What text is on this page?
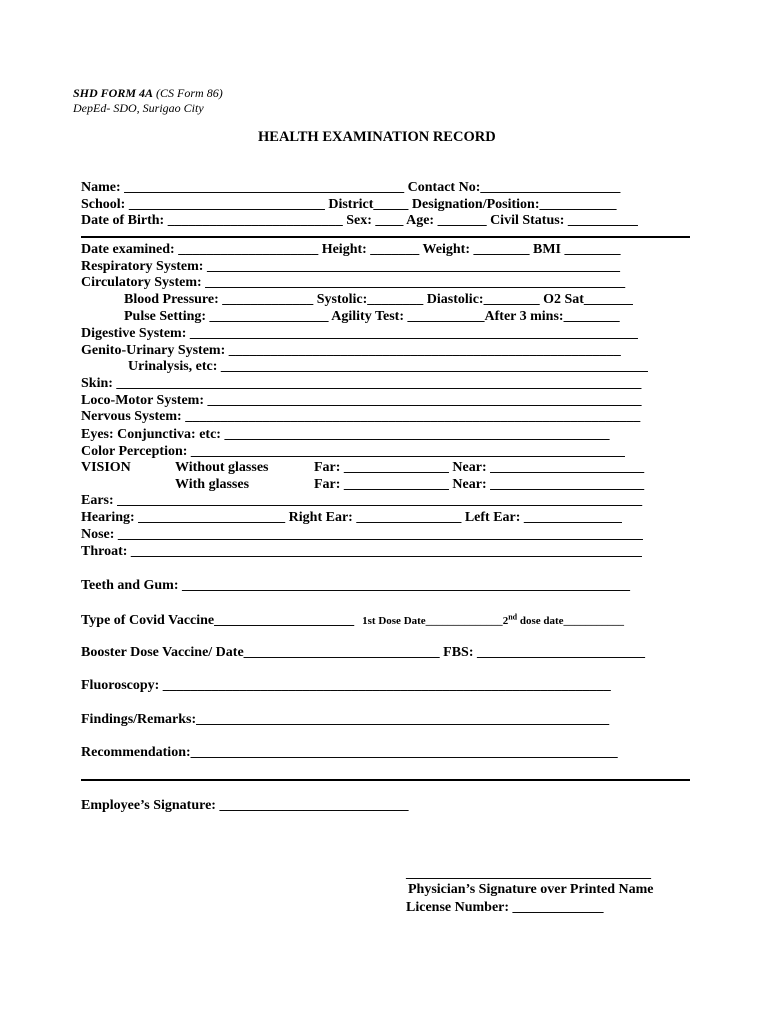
SHD FORM 4A (CS Form 86)
DepEd- SDO, Surigao City
HEALTH EXAMINATION RECORD
Name: ________________________________________ Contact No:____________________
School: ____________________________ District_____ Designation/Position:___________
Date of Birth: _________________________ Sex: ____ Age: _______ Civil Status: __________
Date examined: ____________________ Height: _______ Weight: ________ BMI ________
Respiratory System: ___________________________________________________________
Circulatory System: ____________________________________________________________
Blood Pressure: _____________ Systolic:________ Diastolic:________ O2 Sat_______
Pulse Setting: _________________ Agility Test: ___________After 3 mins:________
Digestive System: ________________________________________________________________
Genito-Urinary System: ________________________________________________________
Urinalysis, etc: _____________________________________________________________
Skin: ___________________________________________________________________________
Loco-Motor System: ______________________________________________________________
Nervous System: _________________________________________________________________
Eyes: Conjunctiva: etc: _______________________________________________________
Color Perception: ______________________________________________________________
VISION	Without glasses	Far: _______________ Near: ______________________
With glasses	Far: _______________ Near: ______________________
Ears: ___________________________________________________________________________
Hearing: _____________________ Right Ear: _______________ Left Ear: ______________
Nose: ___________________________________________________________________________
Throat: _________________________________________________________________________
Teeth and Gum: ________________________________________________________________
Type of Covid Vaccine____________________ 1st Dose Date______________2nd dose date___________
Booster Dose Vaccine/ Date____________________________ FBS: ________________________
Fluoroscopy: ________________________________________________________________
Findings/Remarks:___________________________________________________________
Recommendation:_____________________________________________________________
Employee’s Signature: ___________________________
___________________________________
Physician’s Signature over Printed Name
License Number: _____________
